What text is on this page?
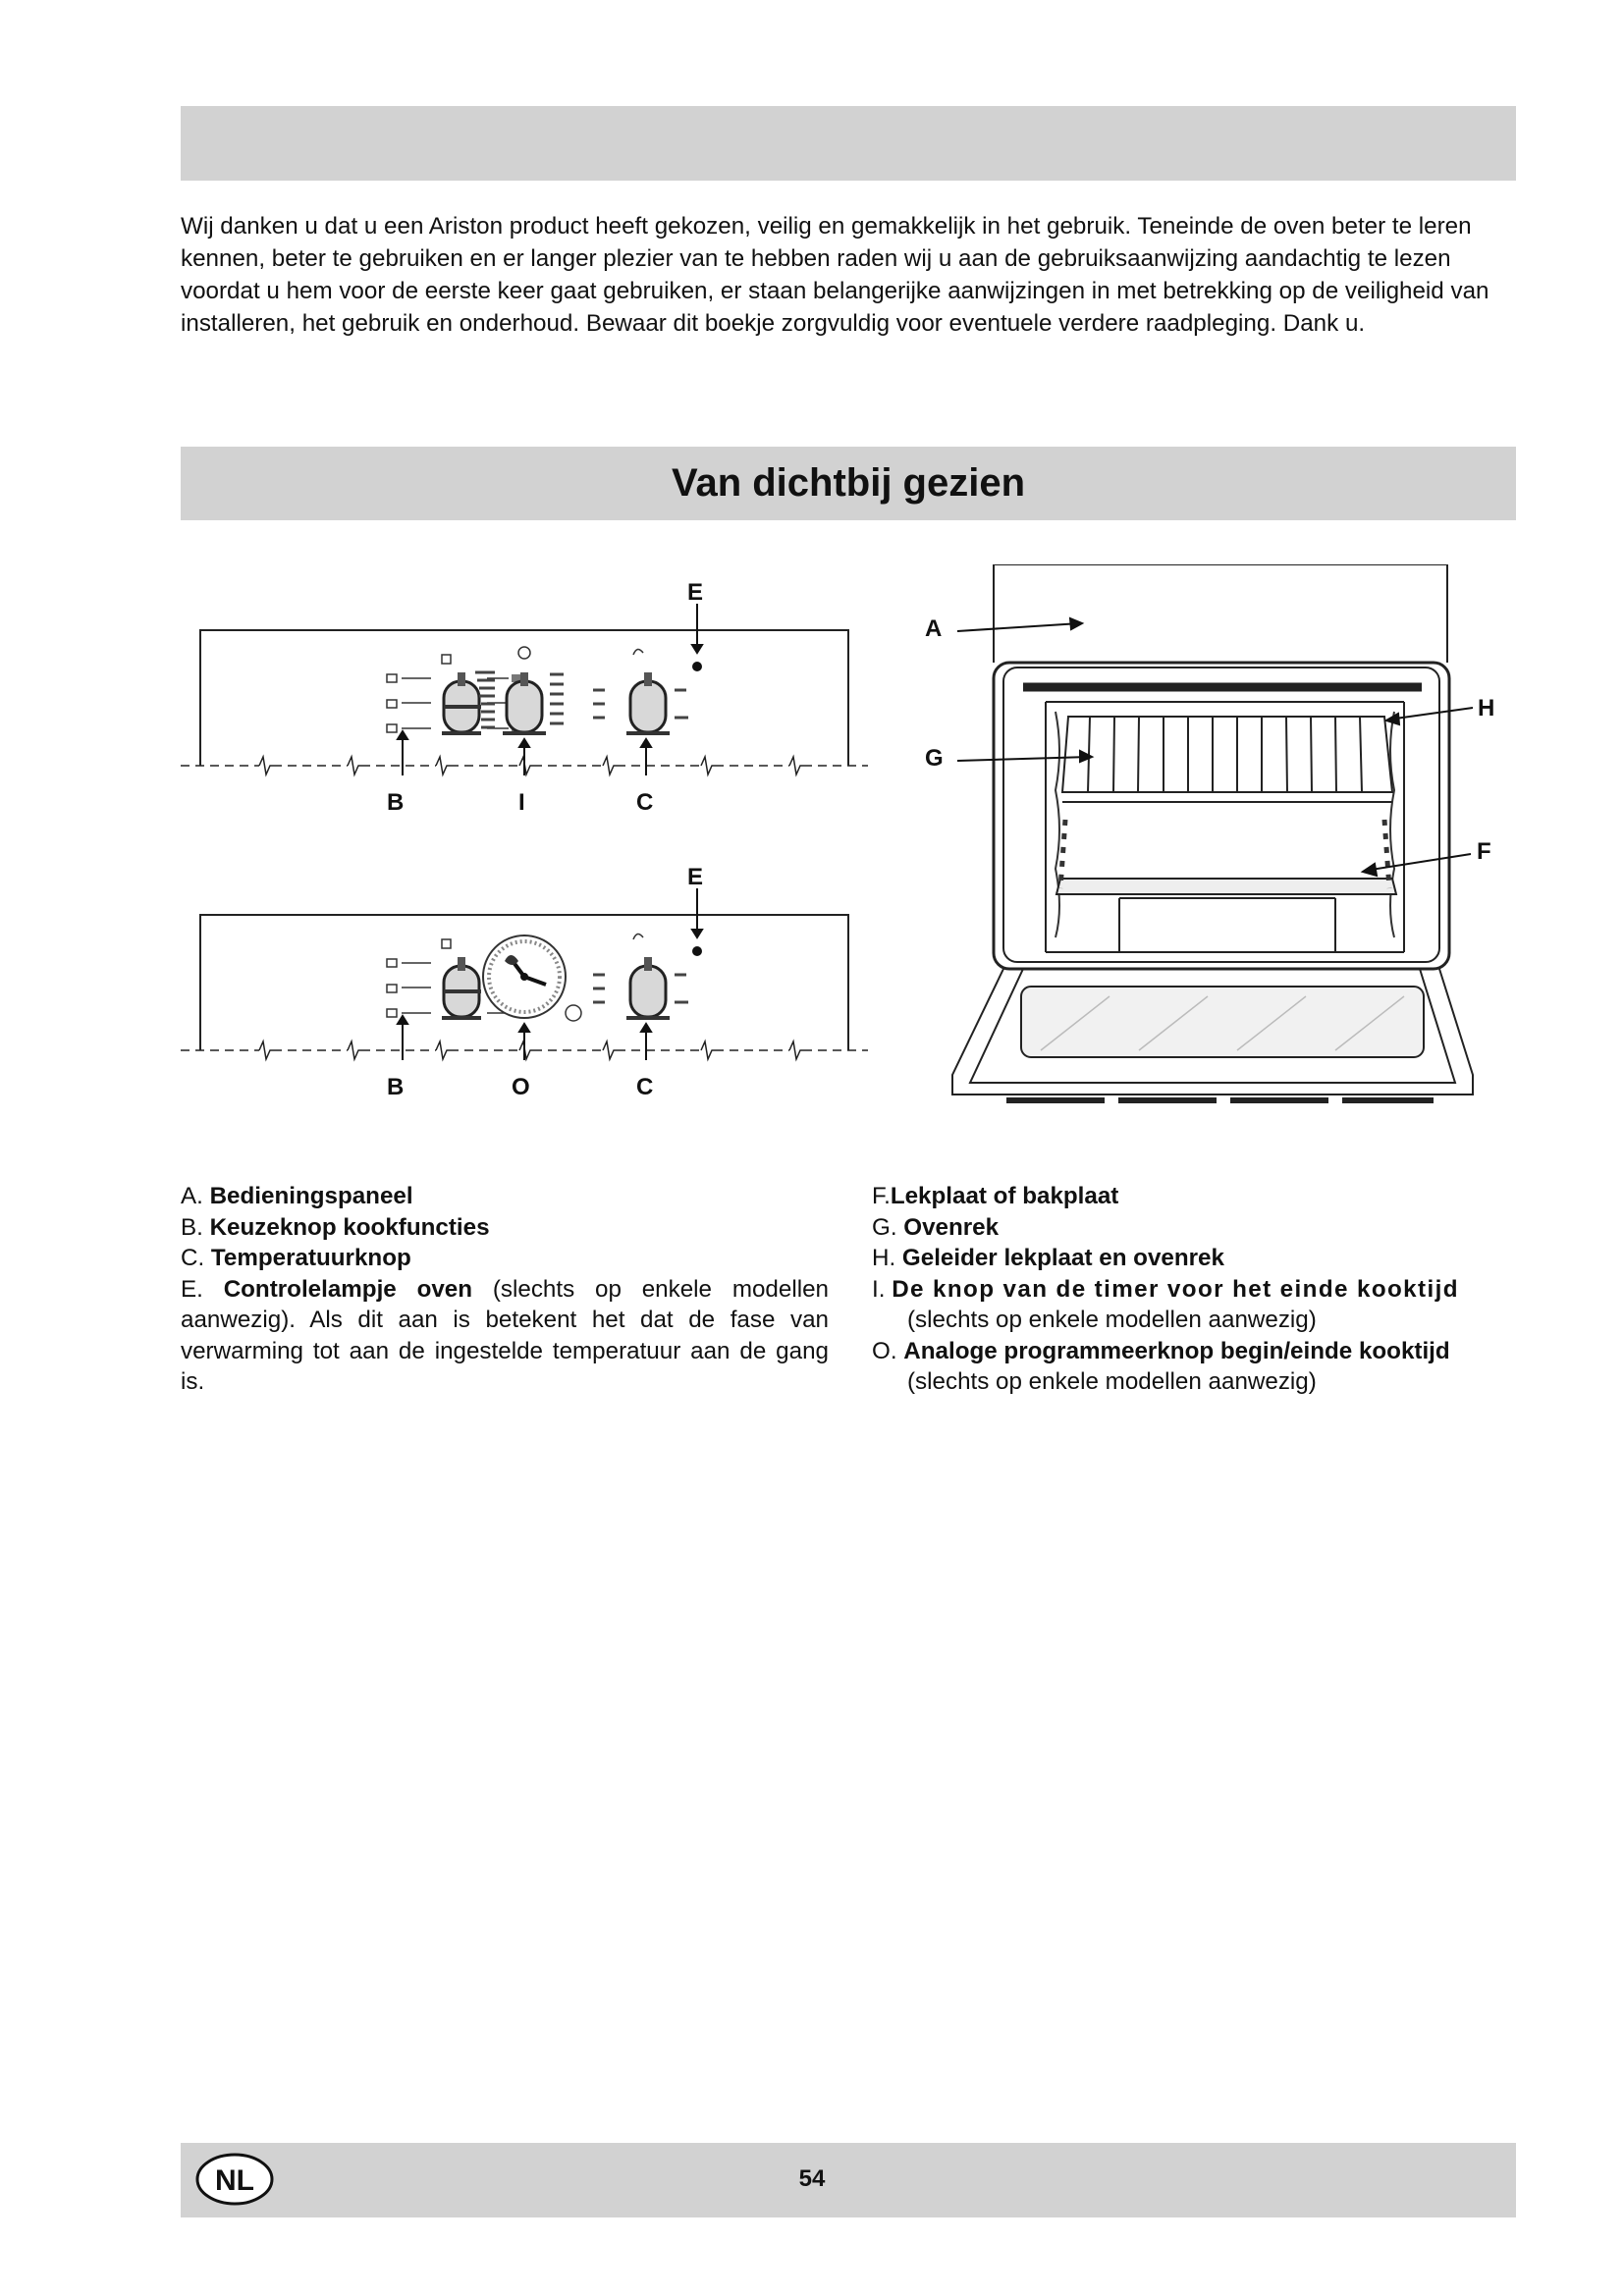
Wij danken u dat u een Ariston product heeft gekozen, veilig en gemakkelijk in het gebruik. Teneinde de oven beter te leren kennen, beter te gebruiken en er langer plezier van te hebben raden wij u aan de gebruiksaanwijzing aandachtig te lezen voordat u hem voor de eerste keer gaat gebruiken, er staan belangerijke aanwijzingen in met betrekking op de veiligheid van installeren, het gebruik en onderhoud. Bewaar dit boekje zorgvuldig voor eventuele verdere raadpleging. Dank u.

Van dichtbij gezien
E
B	I	C
E
B	O	C
A
G
H
F

A. Bedieningspaneel

B. Keuzeknop kookfuncties

C. Temperatuurknop

E. Controlelampje oven (slechts op enkele modellen aanwezig). Als dit aan is betekent het dat de fase van verwarming tot aan de ingestelde temperatuur aan de gang is.

F.Lekplaat of bakplaat

G. Ovenrek

H. Geleider lekplaat en ovenrek

I. De knop van de timer voor het einde kooktijd
(slechts op enkele modellen aanwezig)

O. Analoge programmeerknop begin/einde kooktijd
(slechts op enkele modellen aanwezig)

NL	54
